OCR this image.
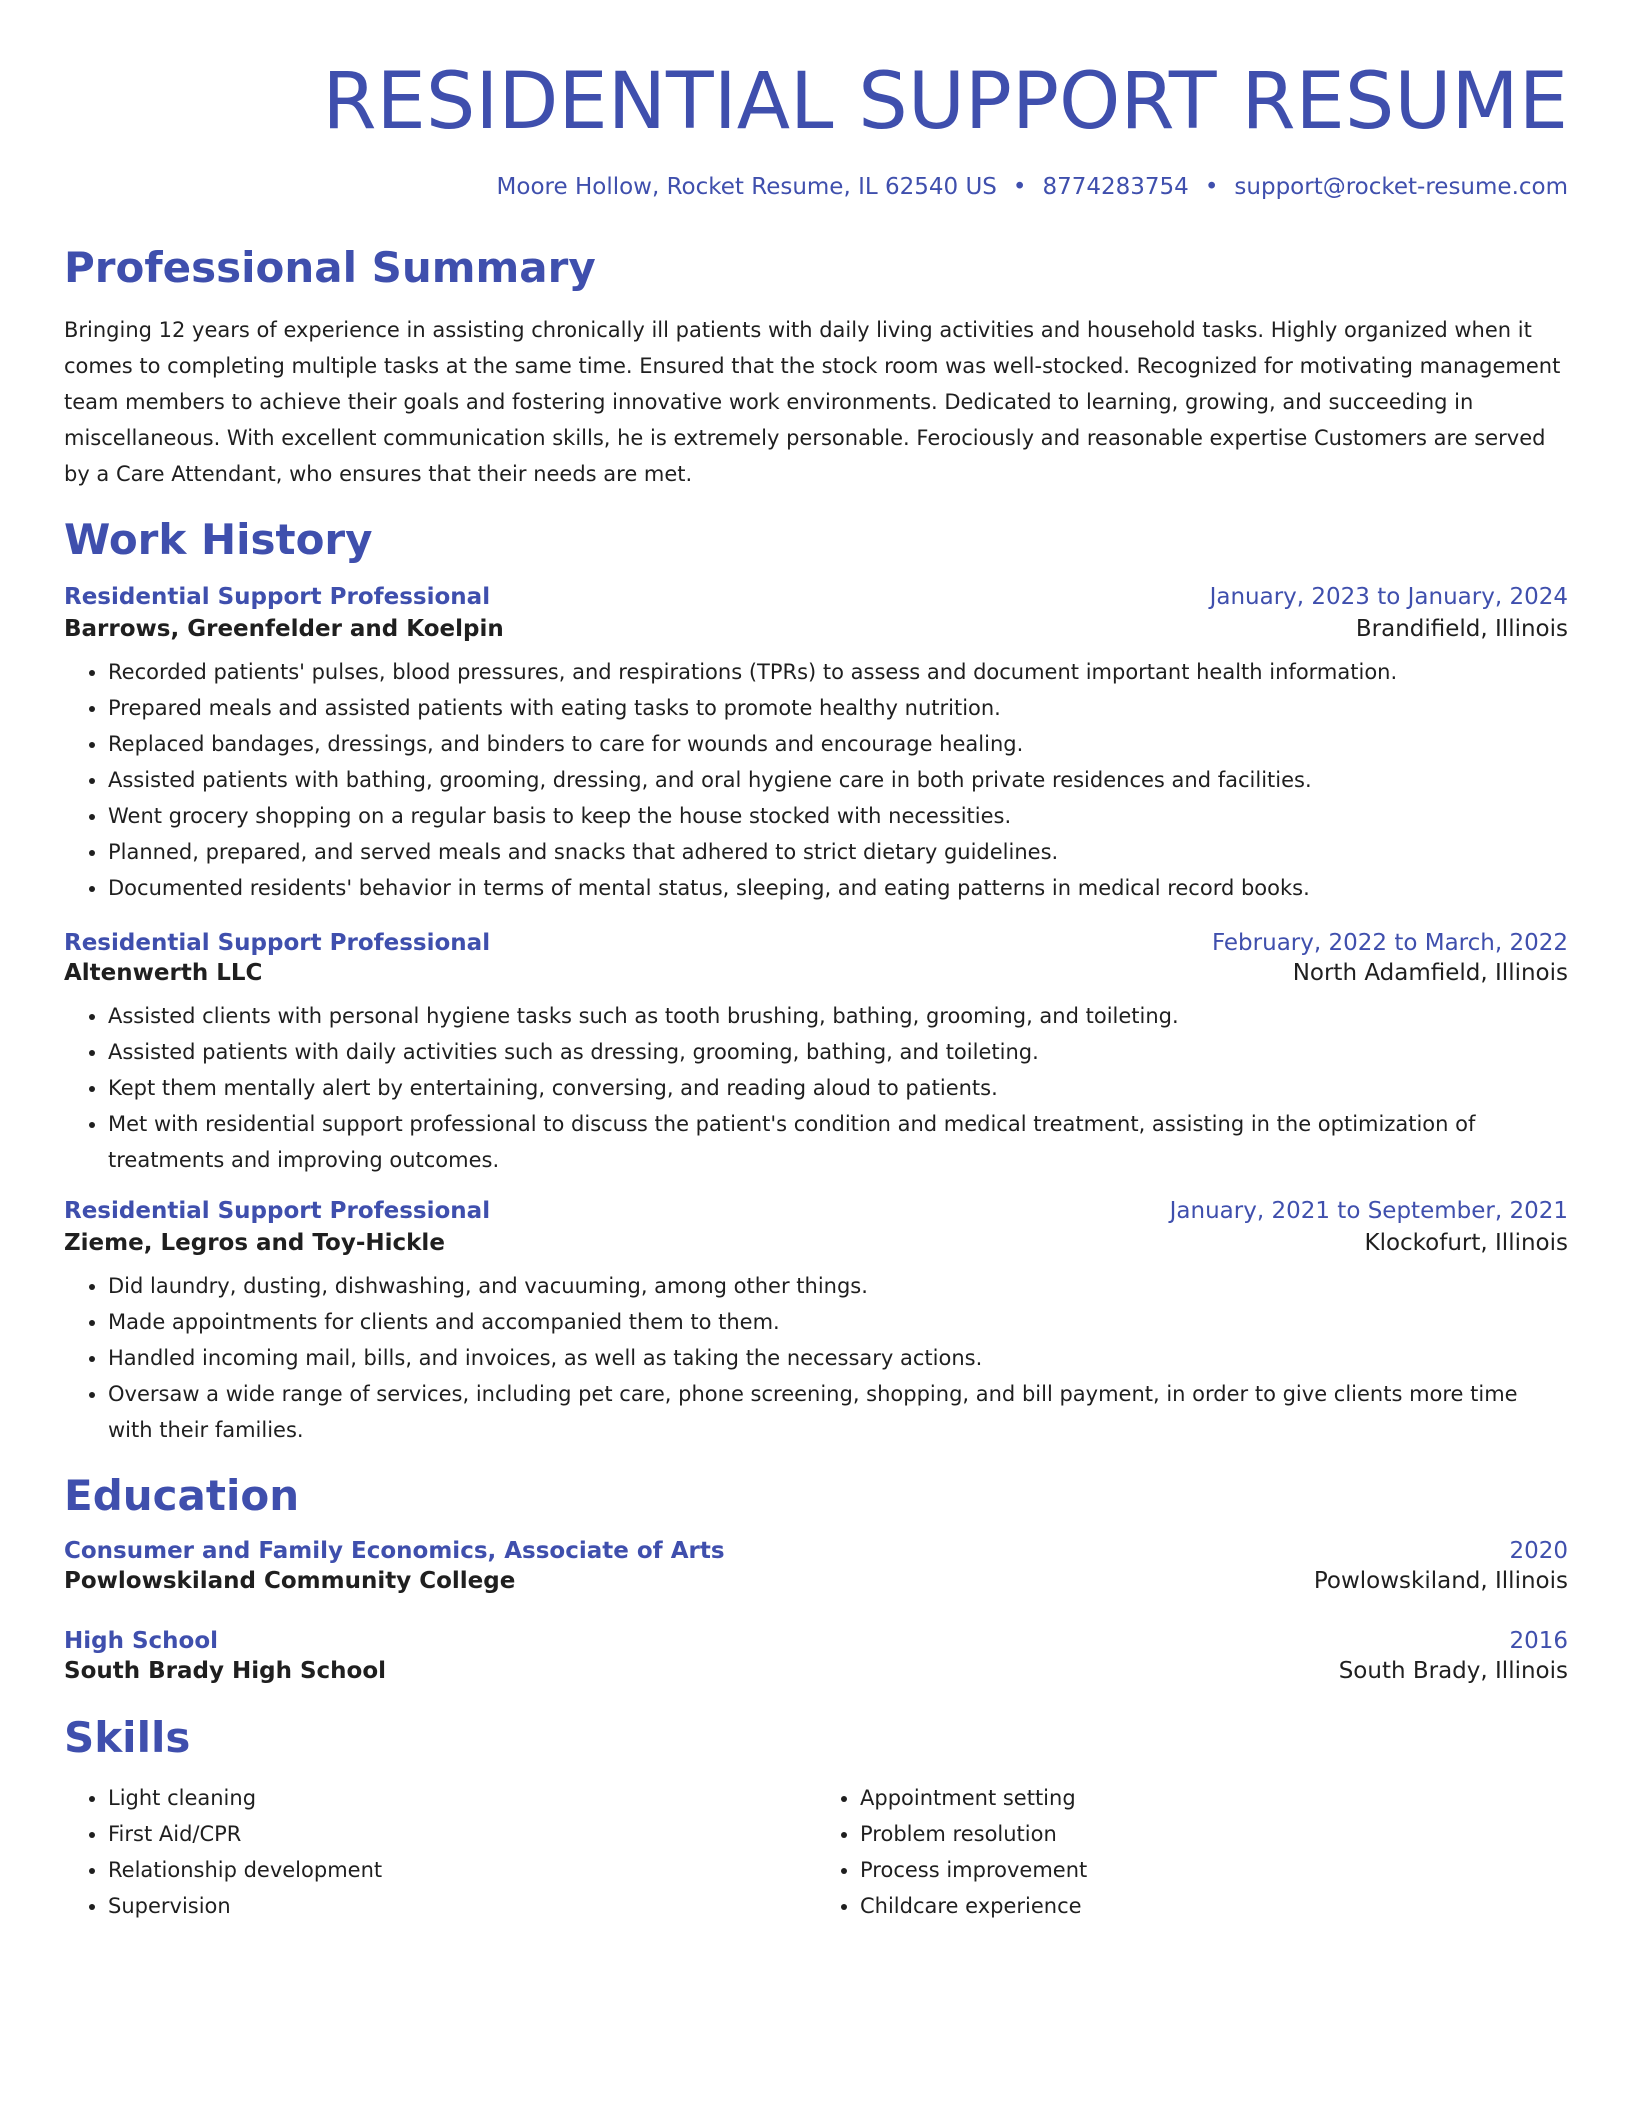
RESIDENTIAL SUPPORT RESUME
Moore Hollow, Rocket Resume, IL 62540 US • 8774283754 • support@rocket-resume.com
Professional Summary

Bringing 12 years of experience in assisting chronically ill patients with daily living activities and household tasks. Highly organized when it comes to completing multiple tasks at the same time. Ensured that the stock room was well-stocked. Recognized for motivating management team members to achieve their goals and fostering innovative work environments. Dedicated to learning, growing, and succeeding in miscellaneous. With excellent communication skills, he is extremely personable. Ferociously and reasonable expertise Customers are served by a Care Attendant, who ensures that their needs are met.

Work History
Residential Support Professional	January, 2023 to January, 2024
Barrows, Greenfelder and Koelpin	Brandifield, Illinois
• Recorded patients' pulses, blood pressures, and respirations (TPRs) to assess and document important health information.
• Prepared meals and assisted patients with eating tasks to promote healthy nutrition.
• Replaced bandages, dressings, and binders to care for wounds and encourage healing.
• Assisted patients with bathing, grooming, dressing, and oral hygiene care in both private residences and facilities.
• Went grocery shopping on a regular basis to keep the house stocked with necessities.
• Planned, prepared, and served meals and snacks that adhered to strict dietary guidelines.
• Documented residents' behavior in terms of mental status, sleeping, and eating patterns in medical record books.
Residential Support Professional	February, 2022 to March, 2022
Altenwerth LLC	North Adamfield, Illinois
• Assisted clients with personal hygiene tasks such as tooth brushing, bathing, grooming, and toileting.
• Assisted patients with daily activities such as dressing, grooming, bathing, and toileting.
• Kept them mentally alert by entertaining, conversing, and reading aloud to patients.
• Met with residential support professional to discuss the patient's condition and medical treatment, assisting in the optimization of treatments and improving outcomes.
Residential Support Professional	January, 2021 to September, 2021
Zieme, Legros and Toy-Hickle	Klockofurt, Illinois
• Did laundry, dusting, dishwashing, and vacuuming, among other things.
• Made appointments for clients and accompanied them to them.
• Handled incoming mail, bills, and invoices, as well as taking the necessary actions.
• Oversaw a wide range of services, including pet care, phone screening, shopping, and bill payment, in order to give clients more time with their families.
Education
Consumer and Family Economics, Associate of Arts	2020
Powlowskiland Community College	Powlowskiland, Illinois
High School	2016
South Brady High School	South Brady, Illinois
Skills
• Light cleaning
• First Aid/CPR
• Relationship development
• Supervision
• Appointment setting
• Problem resolution
• Process improvement
• Childcare experience
